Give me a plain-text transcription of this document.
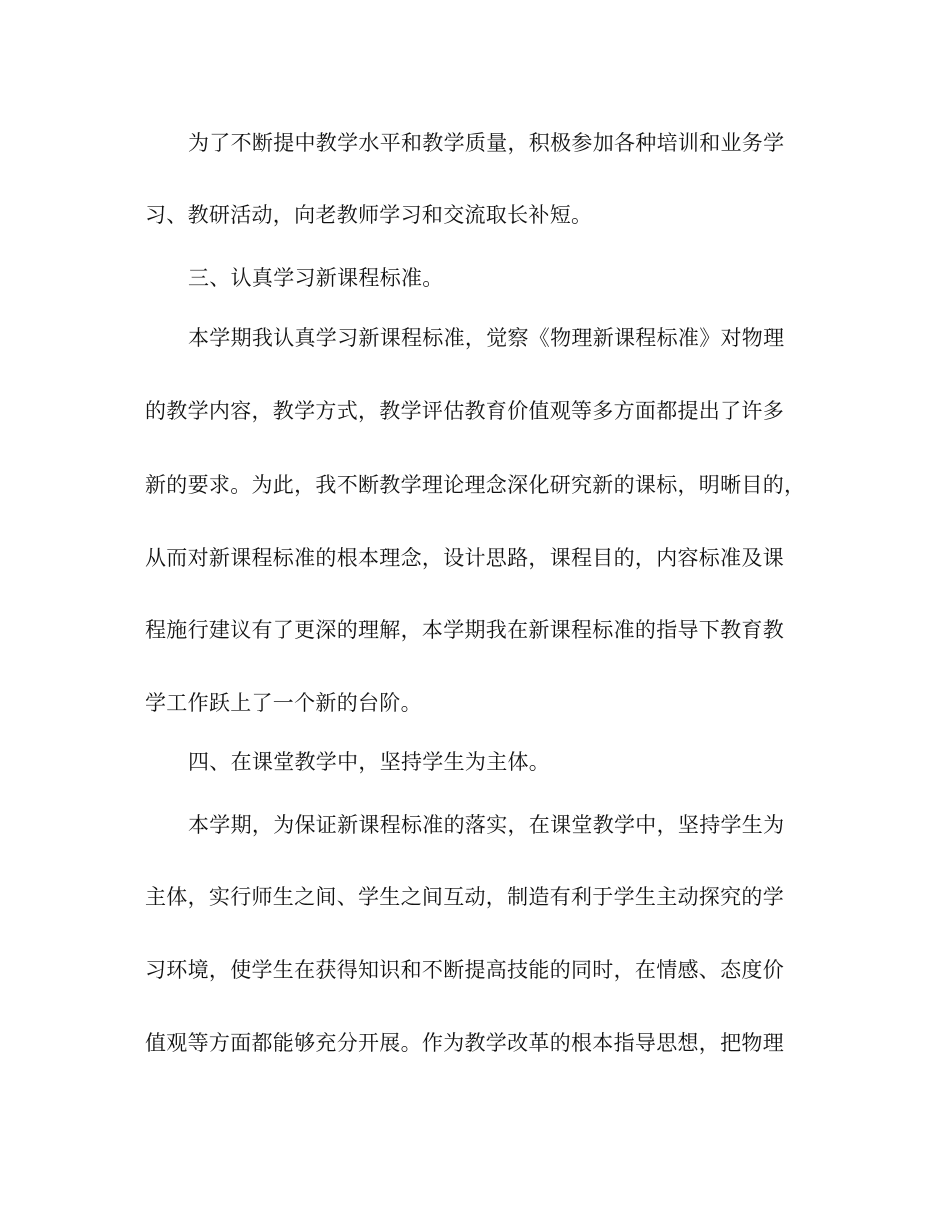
为了不断提中教学水平和教学质量，积极参加各种培训和业务学
习、教研活动，向老教师学习和交流取长补短。
三、认真学习新课程标准。
本学期我认真学习新课程标准，觉察《物理新课程标准》对物理
的教学内容，教学方式，教学评估教育价值观等多方面都提出了许多
新的要求。为此，我不断教学理论理念深化研究新的课标，明晰目的，
从而对新课程标准的根本理念，设计思路，课程目的，内容标准及课
程施行建议有了更深的理解，本学期我在新课程标准的指导下教育教
学工作跃上了一个新的台阶。
四、在课堂教学中，坚持学生为主体。
本学期，为保证新课程标准的落实，在课堂教学中，坚持学生为
主体，实行师生之间、学生之间互动，制造有利于学生主动探究的学
习环境，使学生在获得知识和不断提高技能的同时，在情感、态度价
值观等方面都能够充分开展。作为教学改革的根本指导思想，把物理
